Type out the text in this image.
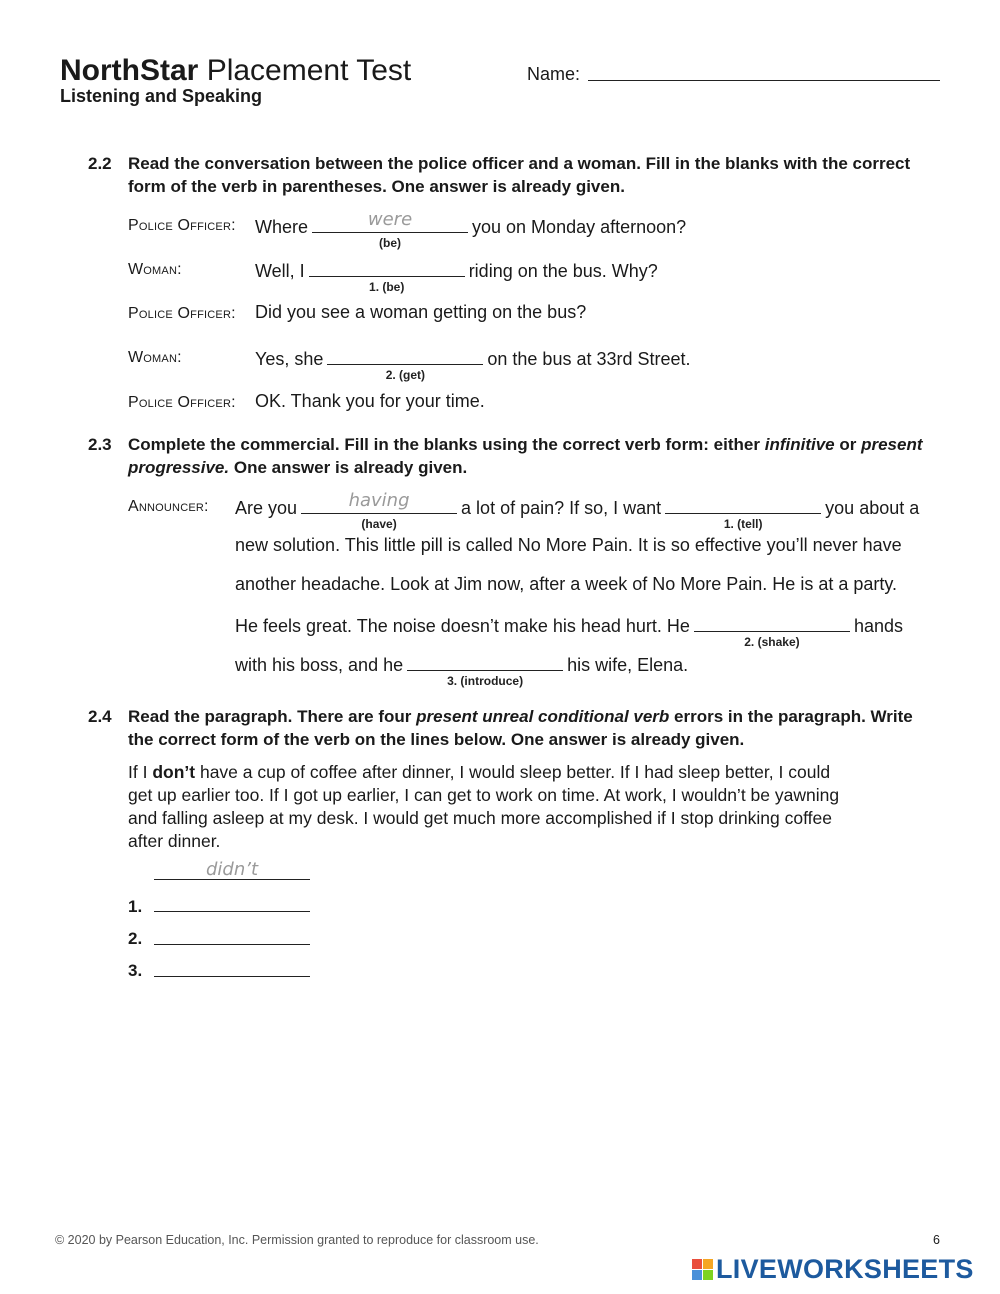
NorthStar Placement Test
Listening and Speaking
Name:
2.2 Read the conversation between the police officer and a woman. Fill in the blanks with the correct form of the verb in parentheses. One answer is already given.
Police Officer: Where	were
(be)
you on Monday afternoon?
Woman:	Well, I
1. (be)
riding on the bus. Why?
Police Officer: Did you see a woman getting on the bus?
Woman:	Yes, she
2. (get)
on the bus at 33rd Street.
Police Officer: OK. Thank you for your time.
2.3 Complete the commercial. Fill in the blanks using the correct verb form: either infinitive or present progressive. One answer is already given.
Announcer: Are you	having
(have)
a lot of pain? If so, I want
1. (tell)
you about a
new solution. This little pill is called No More Pain. It is so effective you’ll never have
another headache. Look at Jim now, after a week of No More Pain. He is at a party.
He feels great. The noise doesn’t make his head hurt. He
2. (shake)
hands
with his boss, and he
3. (introduce)
his wife, Elena.
2.4 Read the paragraph. There are four present unreal conditional verb errors in the paragraph. Write the correct form of the verb on the lines below. One answer is already given.
If I don’t have a cup of coffee after dinner, I would sleep better. If I had sleep better, I could
get up earlier too. If I got up earlier, I can get to work on time. At work, I wouldn’t be yawning
and falling asleep at my desk. I would get much more accomplished if I stop drinking coffee
after dinner.
didn’t
1.
2.
3.
© 2020 by Pearson Education, Inc. Permission granted to reproduce for classroom use.	6
LIVEWORKSHEETS
